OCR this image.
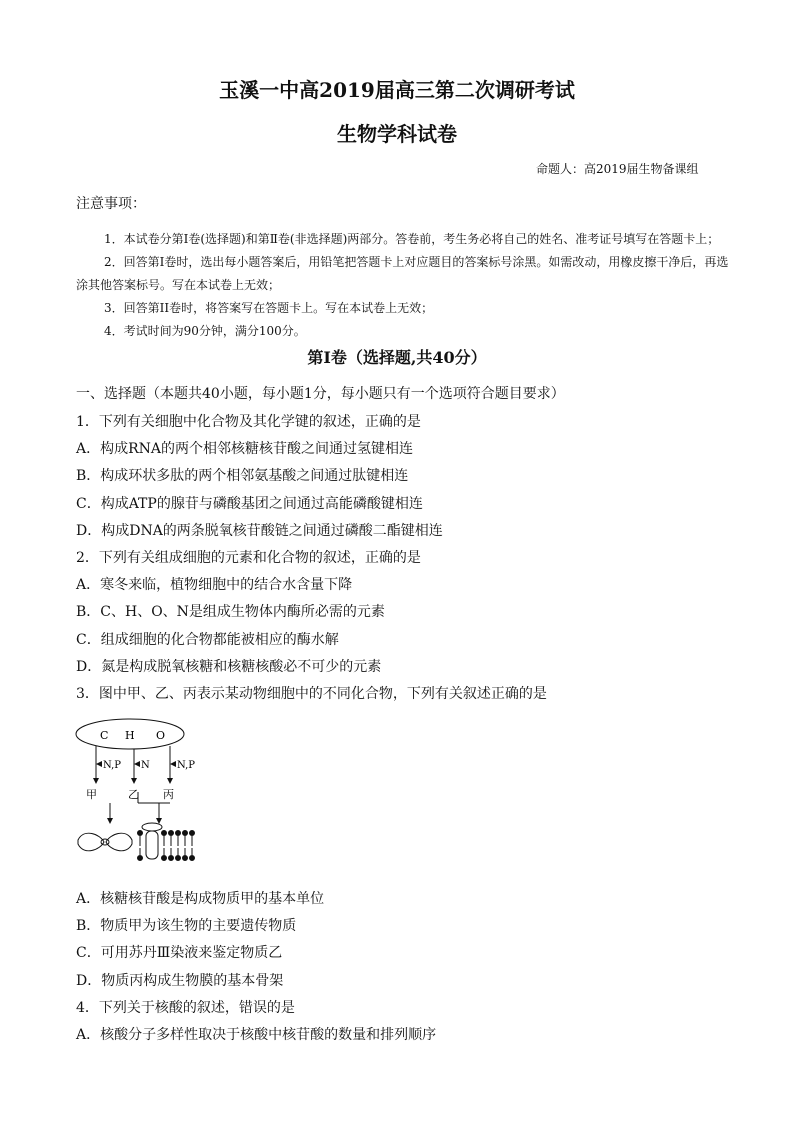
玉溪一中高2019届高三第二次调研考试
生物学科试卷
命题人：高2019届生物备课组
注意事项：
1．本试卷分第Ⅰ卷(选择题)和第Ⅱ卷(非选择题)两部分。答卷前，考生务必将自己的姓名、准考证号填写在答题卡上；
2．回答第Ⅰ卷时，选出每小题答案后，用铅笔把答题卡上对应题目的答案标号涂黑。如需改动，用橡皮擦干净后，再选
涂其他答案标号。写在本试卷上无效；
3．回答第II卷时，将答案写在答题卡上。写在本试卷上无效；
4．考试时间为90分钟，满分100分。
第Ⅰ卷（选择题,共40分）
一、选择题（本题共40小题，每小题1分，每小题只有一个选项符合题目要求）
1．下列有关细胞中化合物及其化学键的叙述，正确的是
A．构成RNA的两个相邻核糖核苷酸之间通过氢键相连
B．构成环状多肽的两个相邻氨基酸之间通过肽键相连
C．构成ATP的腺苷与磷酸基团之间通过高能磷酸键相连
D．构成DNA的两条脱氧核苷酸链之间通过磷酸二酯键相连
2．下列有关组成细胞的元素和化合物的叙述，正确的是
A．寒冬来临，植物细胞中的结合水含量下降
B．C、H、O、N是组成生物体内酶所必需的元素
C．组成细胞的化合物都能被相应的酶水解
D．氮是构成脱氧核糖和核糖核酸必不可少的元素
3．图中甲、乙、丙表示某动物细胞中的不同化合物，下列有关叙述正确的是
C H O
N,P N	N,P
甲	乙 丙
A．核糖核苷酸是构成物质甲的基本单位
B．物质甲为该生物的主要遗传物质
C．可用苏丹Ⅲ染液来鉴定物质乙
D．物质丙构成生物膜的基本骨架
4．下列关于核酸的叙述，错误的是
A．核酸分子多样性取决于核酸中核苷酸的数量和排列顺序
